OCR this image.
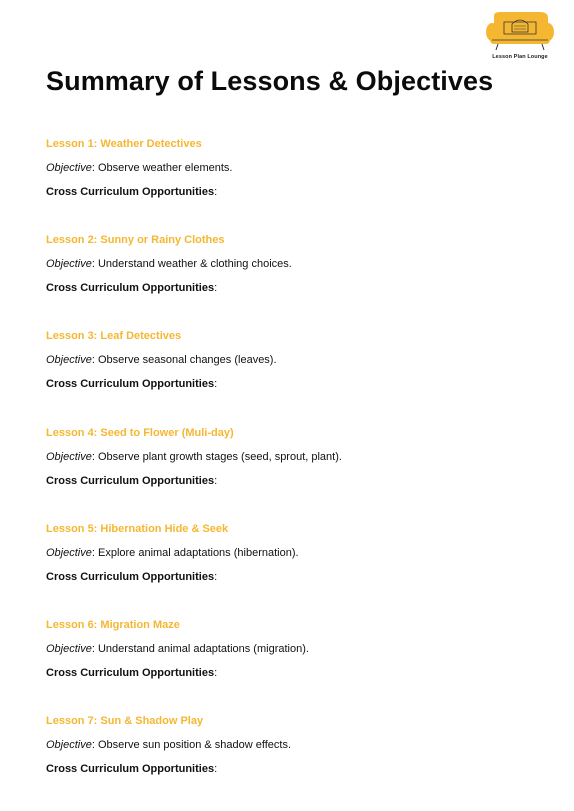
Lesson Plan Lounge
Summary of Lessons & Objectives
Lesson 1: Weather Detectives
Objective: Observe weather elements.
Cross Curriculum Opportunities:
Lesson 2: Sunny or Rainy Clothes
Objective: Understand weather & clothing choices.
Cross Curriculum Opportunities:
Lesson 3: Leaf Detectives
Objective: Observe seasonal changes (leaves).
Cross Curriculum Opportunities:
Lesson 4: Seed to Flower (Muli-day)
Objective: Observe plant growth stages (seed, sprout, plant).
Cross Curriculum Opportunities:
Lesson 5: Hibernation Hide & Seek
Objective: Explore animal adaptations (hibernation).
Cross Curriculum Opportunities:
Lesson 6: Migration Maze
Objective: Understand animal adaptations (migration).
Cross Curriculum Opportunities:
Lesson 7: Sun & Shadow Play
Objective: Observe sun position & shadow effects.
Cross Curriculum Opportunities:
